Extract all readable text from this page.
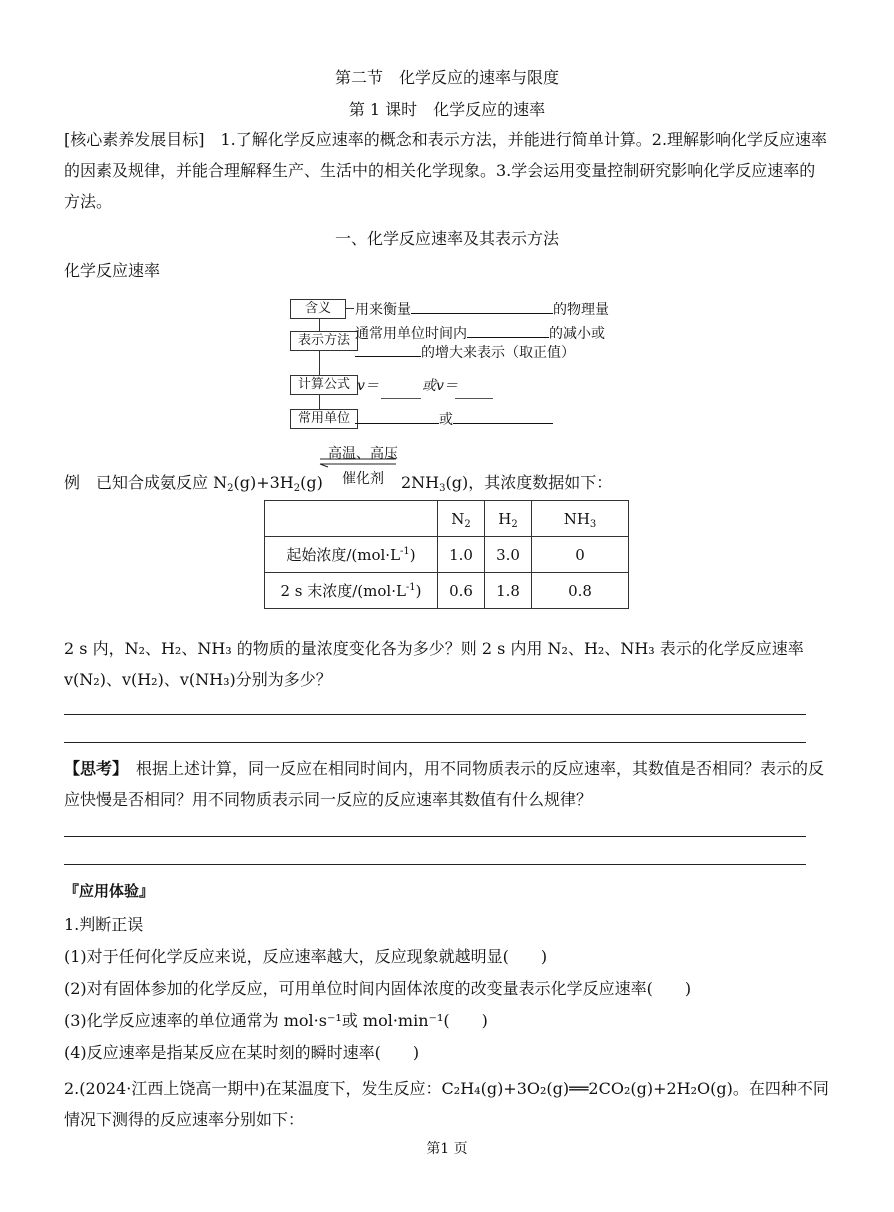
第二节　化学反应的速率与限度
第 1 课时　化学反应的速率
[核心素养发展目标]　1.了解化学反应速率的概念和表示方法，并能进行简单计算。2.理解影响化学反应速率的因素及规律，并能合理解释生产、生活中的相关化学现象。3.学会运用变量控制研究影响化学反应速率的方法。
一、化学反应速率及其表示方法
化学反应速率
含义	用来衡量	的物理量
表示方法 通常用单位时间内	的减小或
的增大来表示（取正值）
计算公式 v＝	或v＝
常用单位	或
例　已知合成氨反应 $N_2(g)+3H_2(g)$
高温、高压
催化剂	$2NH_3(g)$，其浓度数据如下：
	$N_2$	$H_2$	$NH_3$
起始浓度$/(mol\cdot L^{-1})$	1.0	3.0	0
2 s 末浓度$/(mol\cdot L^{-1})$	0.6	1.8	0.8
2 s 内，N₂、H₂、NH₃ 的物质的量浓度变化各为多少？则 2 s 内用 N₂、H₂、NH₃ 表示的化学反应速率
v(N₂)、v(H₂)、v(NH₃)分别为多少？
【思考】　根据上述计算，同一反应在相同时间内，用不同物质表示的反应速率，其数值是否相同？表示的反应快慢是否相同？用不同物质表示同一反应的反应速率其数值有什么规律？
『应用体验』
1.判断正误
(1)对于任何化学反应来说，反应速率越大，反应现象就越明显(　　)
(2)对有固体参加的化学反应，可用单位时间内固体浓度的改变量表示化学反应速率(　　)
(3)化学反应速率的单位通常为 mol·s⁻¹或 mol·min⁻¹(　　)
(4)反应速率是指某反应在某时刻的瞬时速率(　　)
2.(2024·江西上饶高一期中)在某温度下，发生反应：C₂H₄(g)+3O₂(g)══2CO₂(g)+2H₂O(g)。在四种不同
情况下测得的反应速率分别如下：
第1 页
